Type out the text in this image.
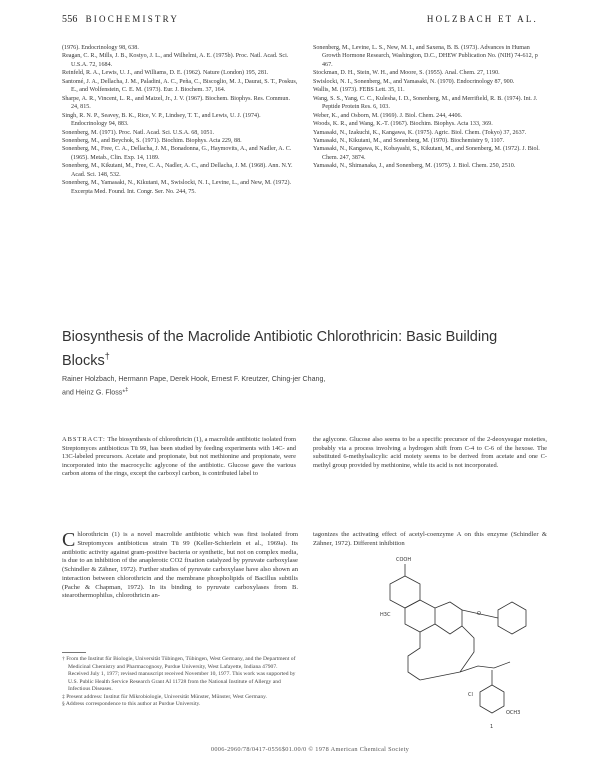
556 BIOCHEMISTRY	HOLZBACH ET AL.

(1976). Endocrinology 98, 638.

Reagan, C. R., Mills, J. B., Kostyo, J. L., and Wilhelmi, A. E. (1975b). Proc. Natl. Acad. Sci. U.S.A. 72, 1684.

Reinfeld, R. A., Lewis, U. J., and Williams, D. E. (1962). Nature (London) 195, 281.

Santomé, J. A., Dellacha, J. M., Paladini, A. C., Peña, C., Biscoglio, M. J., Daurat, S. T., Poskus, E., and Wolfenstein, C. E. M. (1973). Eur. J. Biochem. 37, 164.

Sharpe, A. R., Vincent, L. R., and Maizel, Jr., J. V. (1967). Biochem. Biophys. Res. Commun. 24, 815.

Singh, R. N. P., Seavey, B. K., Rice, V. P., Lindsey, T. T., and Lewis, U. J. (1974). Endocrinology 94, 883.

Sonenberg, M. (1971). Proc. Natl. Acad. Sci. U.S.A. 68, 1051.

Sonenberg, M., and Beychok, S. (1971). Biochim. Biophys. Acta 229, 88.

Sonenberg, M., Free, C. A., Dellacha, J. M., Bonadonna, G., Haymovits, A., and Nadler, A. C. (1965). Metab., Clin. Exp. 14, 1189.

Sonenberg, M., Kikutani, M., Free, C. A., Nadler, A. C., and Dellacha, J. M. (1968). Ann. N.Y. Acad. Sci. 148, 532.

Sonenberg, M., Yamasaki, N., Kikutani, M., Swislocki, N. I., Levine, L., and New, M. (1972). Excerpta Med. Found. Int. Congr. Ser. No. 244, 75.

Sonenberg, M., Levine, L. S., New, M. I., and Saxena, B. B. (1973). Advances in Human Growth Hormone Research, Washington, D.C., DHEW Publication No. (NIH) 74-612, p 467.

Stockman, D. H., Stein, W. H., and Moore, S. (1955). Anal. Chem. 27, 1190.

Swislocki, N. I., Sonenberg, M., and Yamasaki, N. (1970). Endocrinology 87, 900.

Wallis, M. (1973). FEBS Lett. 35, 11.

Wang, S. S., Yang, C. C., Kulesha, I. D., Sonenberg, M., and Merrifield, R. B. (1974). Int. J. Peptide Protein Res. 6, 103.

Weber, K., and Osborn, M. (1969). J. Biol. Chem. 244, 4406.

Woods, K. R., and Wang, K.-T. (1967). Biochim. Biophys. Acta 133, 369.

Yamasaki, N., Izakuchi, K., Kangawa, K. (1975). Agric. Biol. Chem. (Tokyo) 37, 2637.

Yamasaki, N., Kikutani, M., and Sonenberg, M. (1970). Biochemistry 9, 1107.

Yamasaki, N., Kangawa, K., Kobayashi, S., Kikutani, M., and Sonenberg, M. (1972). J. Biol. Chem. 247, 3874.

Yamasaki, N., Shimanaka, J., and Sonenberg, M. (1975). J. Biol. Chem. 250, 2510.

Biosynthesis of the Macrolide Antibiotic Chlorothricin: Basic Building Blocks†
Rainer Holzbach, Hermann Pape, Derek Hook, Ernest F. Kreutzer, Ching-jer Chang,
and Heinz G. Floss*‡
ABSTRACT: The biosynthesis of chlorothricin (1), a macrolide antibiotic isolated from Streptomyces antibioticus Tü 99, has been studied by feeding experiments with 14C- and 13C-labeled precursors. Acetate and propionate, but not methionine and propionate, were incorporated into the macrocyclic aglycone of the antibiotic. Glucose gave the various carbon atoms of the rings, except the carboxyl carbon, is contributed label to
the aglycone. Glucose also seems to be a specific precursor of the 2-deoxysugar moieties, probably via a process involving a hydrogen shift from C-4 to C-6 of the hexose. The substituted 6-methylsalicylic acid moiety seems to be derived from acetate and one C-methyl group provided by methionine, while its acid is not incorporated.
Chlorothricin (1) is a novel macrolide antibiotic which was first isolated from Streptomyces antibioticus strain Tü 99 (Keller-Schierlein et al., 1969a). Its antibiotic activity against gram-positive bacteria or synthetic, but not on complex media, is due to an inhibition of the anaplerotic CO2 fixation catalyzed by pyruvate carboxylase (Schindler & Zähner, 1972). Further studies of pyruvate carboxylase have also shown an interaction between chlorothricin and the membrane phospholipids of Bacillus subtilis (Pache & Chapman, 1972). In its binding to pyruvate carboxylases from B. stearothermophilus, chlorothricin an-
tagonizes the activating effect of acetyl-coenzyme A on this enzyme (Schindler & Zähner, 1972). Different inhibition
COOH
H3C	O
Cl
OCH3
1

† From the Institut für Biologie, Universität Tübingen, Tübingen, West Germany, and the Department of Medicinal Chemistry and Pharmacognosy, Purdue University, West Lafayette, Indiana 47907. Received July 1, 1977; revised manuscript received November 10, 1977. This work was supported by U.S. Public Health Service Research Grant AI 11728 from the National Institute of Allergy and Infectious Diseases.

‡ Present address: Institut für Mikrobiologie, Universität Münster, Münster, West Germany.

§ Address correspondence to this author at Purdue University.

0006-2960/78/0417-0556$01.00/0 © 1978 American Chemical Society
